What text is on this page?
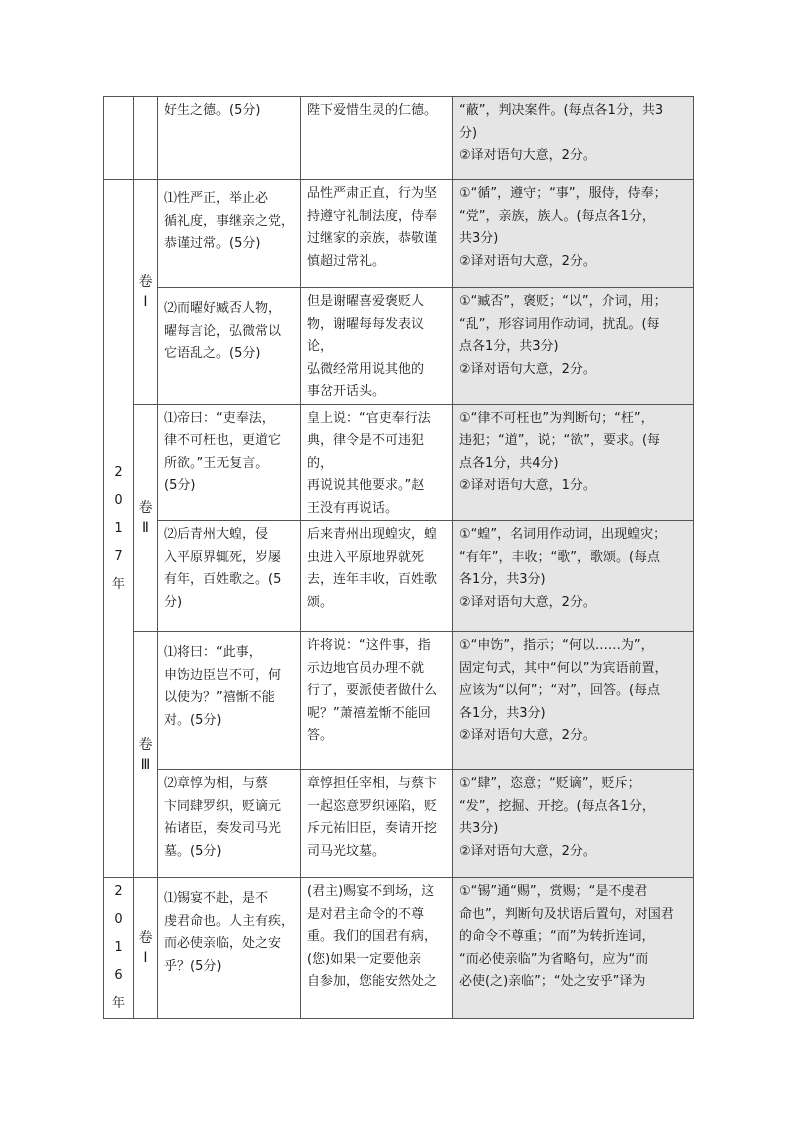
		好生之德。(5分)	陛下爱惜生灵的仁德。	“蔽”，判决案件。(每点各1分，共3
分)
②译对语句大意，2分。

2
0
1
7
年	卷
Ⅰ	⑴性严正，举止必
循礼度，事继亲之党，
恭谨过常。(5分)	品性严肃正直，行为坚
持遵守礼制法度，侍奉
过继家的亲族，恭敬谨
慎超过常礼。	①“循”，遵守；“事”，服侍，侍奉；
“党”，亲族，族人。(每点各1分，
共3分)
②译对语句大意，2分。

		⑵而曜好臧否人物，
曜每言论，弘微常以
它语乱之。(5分)	但是谢曜喜爱褒贬人
物，谢曜每每发表议论，
弘微经常用说其他的
事岔开话头。	①“臧否”，褒贬；“以”，介词，用；
“乱”，形容词用作动词，扰乱。(每
点各1分，共3分)
②译对语句大意，2分。

	卷
Ⅱ	⑴帝曰：“吏奉法，
律不可枉也，更道它
所欲。”王无复言。
(5分)	皇上说：“官吏奉行法
典，律令是不可违犯的，
再说说其他要求。”赵
王没有再说话。	①“律不可枉也”为判断句；“枉”，
违犯；“道”，说；“欲”，要求。(每
点各1分，共4分)
②译对语句大意，1分。

		⑵后青州大蝗，侵
入平原界辄死，岁屡
有年，百姓歌之。(5
分)	后来青州出现蝗灾，蝗
虫进入平原地界就死
去，连年丰收，百姓歌
颂。	①“蝗”，名词用作动词，出现蝗灾；
“有年”，丰收；“歌”，歌颂。(每点
各1分，共3分)
②译对语句大意，2分。

	卷
Ⅲ	⑴将曰：“此事，
申饬边臣岂不可，何
以使为？”禧惭不能
对。(5分)	许将说：“这件事，指
示边地官员办理不就
行了，要派使者做什么
呢？”萧禧羞惭不能回
答。	①“申饬”，指示；“何以……为”，
固定句式，其中“何以”为宾语前置，
应该为“以何”；“对”，回答。(每点
各1分，共3分)
②译对语句大意，2分。

		⑵章惇为相，与蔡
卞同肆罗织，贬谪元
祐诸臣，奏发司马光
墓。(5分)	章惇担任宰相，与蔡卞
一起恣意罗织诬陷，贬
斥元祐旧臣，奏请开挖
司马光坟墓。	①“肆”，恣意；“贬谪”，贬斥；
“发”，挖掘、开挖。(每点各1分，
共3分)
②译对语句大意，2分。

2
0
1
6
年	卷
Ⅰ	⑴锡宴不赴，是不
虔君命也。人主有疾，
而必使亲临，处之安
乎？(5分)	(君主)赐宴不到场，这
是对君主命令的不尊
重。我们的国君有病，
(您)如果一定要他亲
自参加，您能安然处之	①“锡”通“赐”，赏赐；“是不虔君
命也”，判断句及状语后置句，对国君
的命令不尊重；“而”为转折连词，
“而必使亲临”为省略句，应为“而
必使(之)亲临”；“处之安乎”译为
